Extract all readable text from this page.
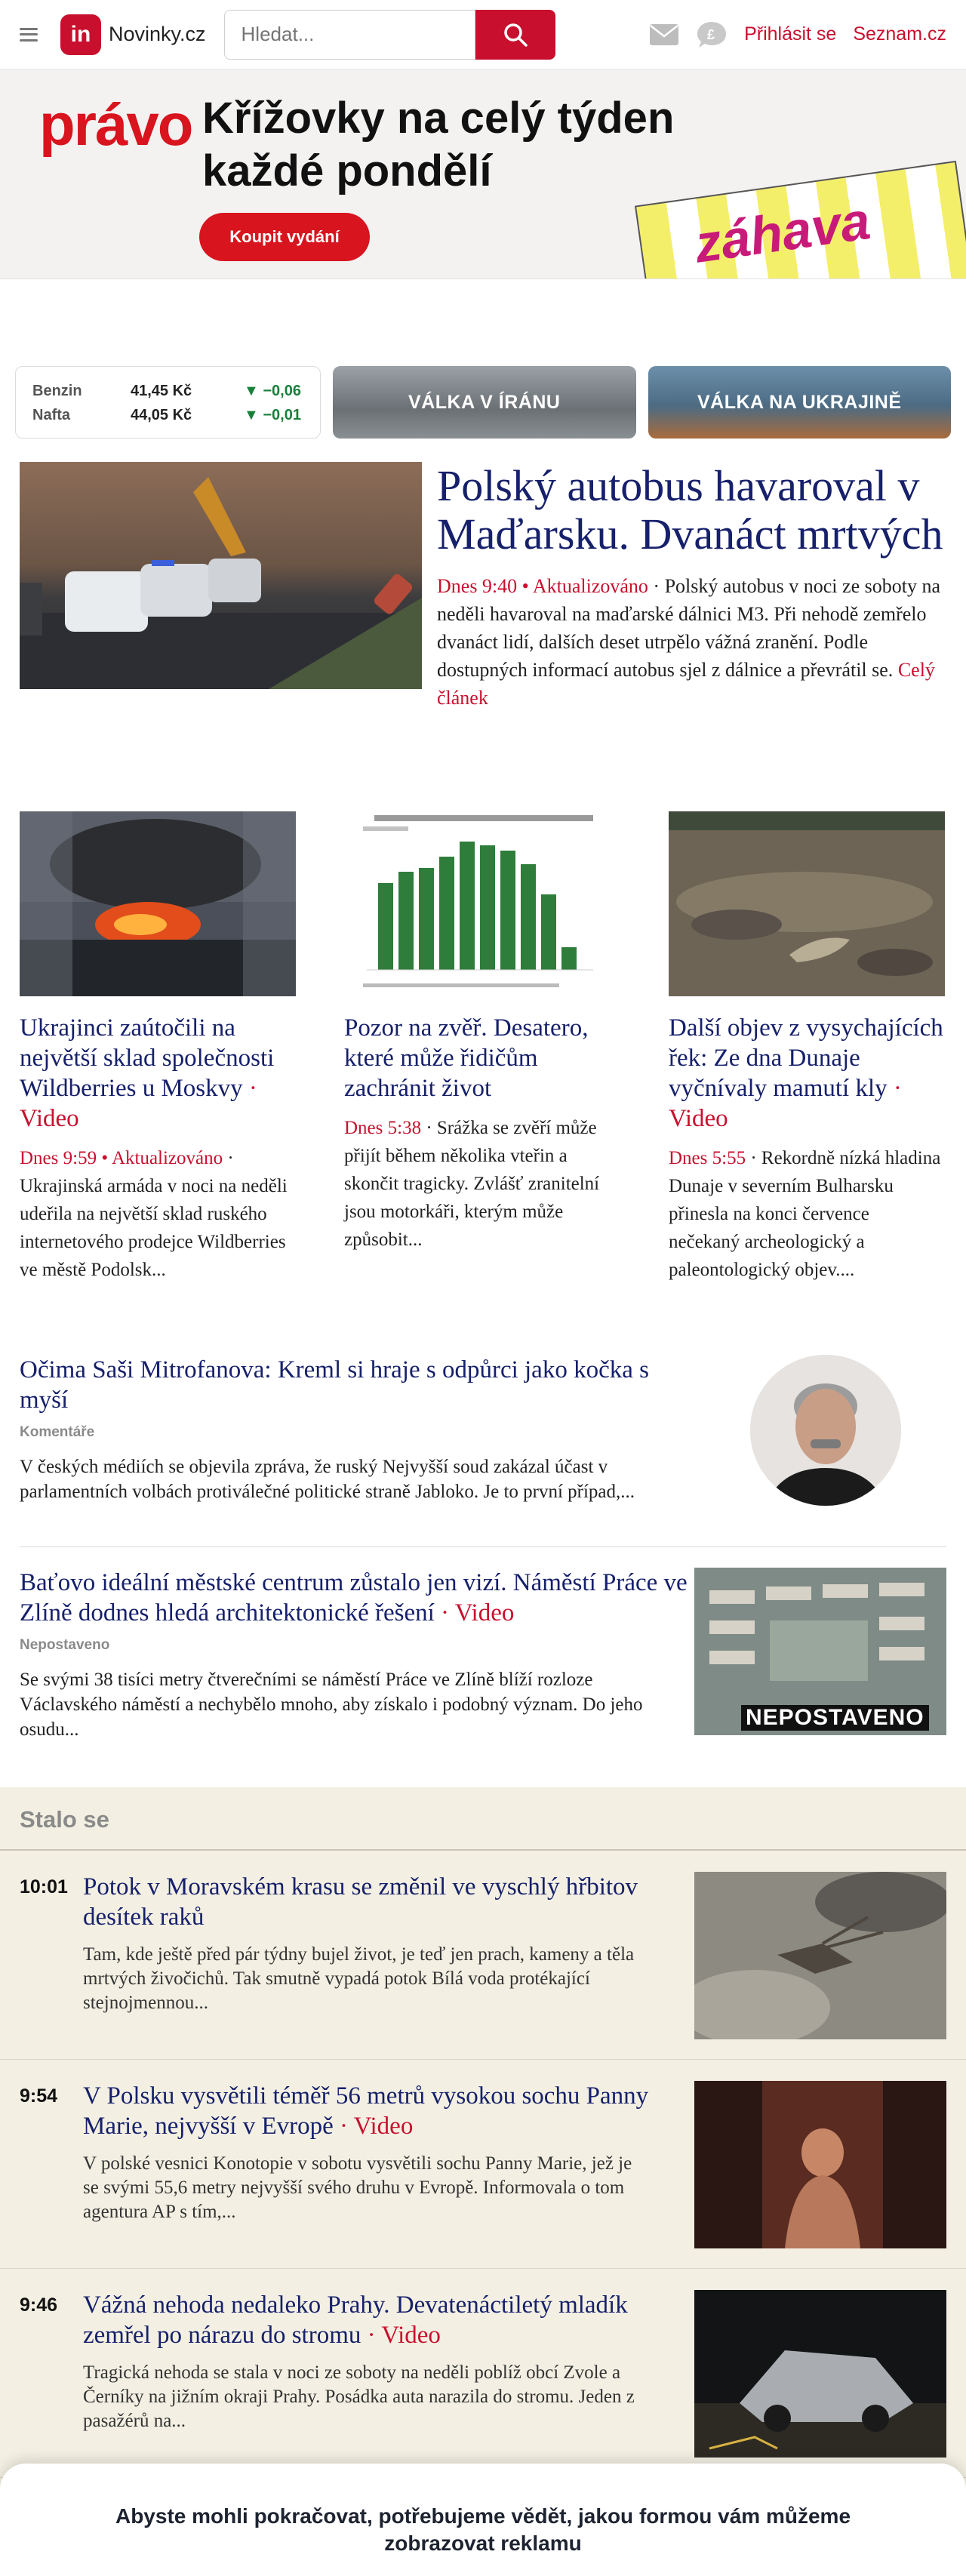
in Novinky.cz
Hledat...	£ Přihlásit se Seznam.cz
právo Křížovky na celý týden
každé pondělí
Koupit vydání	záhava
Benzin	41,45 Kč	▼ −0,06
Nafta	44,05 Kč	▼ −0,01
VÁLKA V ÍRÁNU	VÁLKA NA UKRAJINĚ
Polský autobus havaroval v Maďarsku. Dvanáct mrtvých
Dnes 9:40 • Aktualizováno · Polský autobus v noci ze soboty na neděli havaroval na maďarské dálnici M3. Při nehodě zemřelo dvanáct lidí, dalších deset utrpělo vážná zranění. Podle dostupných informací autobus sjel z dálnice a převrátil se. Celý článek
Ukrajinci zaútočili na největší sklad společnosti Wildberries u Moskvy · Video
Dnes 9:59 • Aktualizováno · Ukrajinská armáda v noci na neděli udeřila na největší sklad ruského internetového prodejce Wildberries ve městě Podolsk...
Pozor na zvěř. Desatero, které může řidičům zachránit život
Dnes 5:38 · Srážka se zvěří může přijít během několika vteřin a skončit tragicky. Zvlášť zranitelní jsou motorkáři, kterým může způsobit...
Další objev z vysychajících řek: Ze dna Dunaje vyčnívaly mamutí kly · Video
Dnes 5:55 · Rekordně nízká hladina Dunaje v severním Bulharsku přinesla na konci července nečekaný archeologický a paleontologický objev....
Očima Saši Mitrofanova: Kreml si hraje s odpůrci jako kočka s myší
Komentáře
V českých médiích se objevila zpráva, že ruský Nejvyšší soud zakázal účast v parlamentních volbách protiválečné politické straně Jabloko. Je to první případ,...
Baťovo ideální městské centrum zůstalo jen vizí. Náměstí Práce ve Zlíně dodnes hledá architektonické řešení · Video
Nepostaveno
Se svými 38 tisíci metry čtverečními se náměstí Práce ve Zlíně blíží rozloze Václavského náměstí a nechybělo mnoho, aby získalo i podobný význam. Do jeho osudu...	NEPOSTAVENO
Stalo se
10:01 Potok v Moravském krasu se změnil ve vyschlý hřbitov desítek raků
Tam, kde ještě před pár týdny bujel život, je teď jen prach, kameny a těla mrtvých živočichů. Tak smutně vypadá potok Bílá voda protékající stejnojmennou...
9:54 V Polsku vysvětili téměř 56 metrů vysokou sochu Panny Marie, nejvyšší v Evropě · Video
V polské vesnici Konotopie v sobotu vysvětili sochu Panny Marie, jež je se svými 55,6 metry nejvyšší svého druhu v Evropě. Informovala o tom agentura AP s tím,...
9:46 Vážná nehoda nedaleko Prahy. Devatenáctiletý mladík zemřel po nárazu do stromu · Video
Tragická nehoda se stala v noci ze soboty na neděli poblíž obcí Zvole a Černíky na jižním okraji Prahy. Posádka auta narazila do stromu. Jeden z pasažérů na...
Abyste mohli pokračovat, potřebujeme vědět, jakou formou vám můžeme zobrazovat reklamu
